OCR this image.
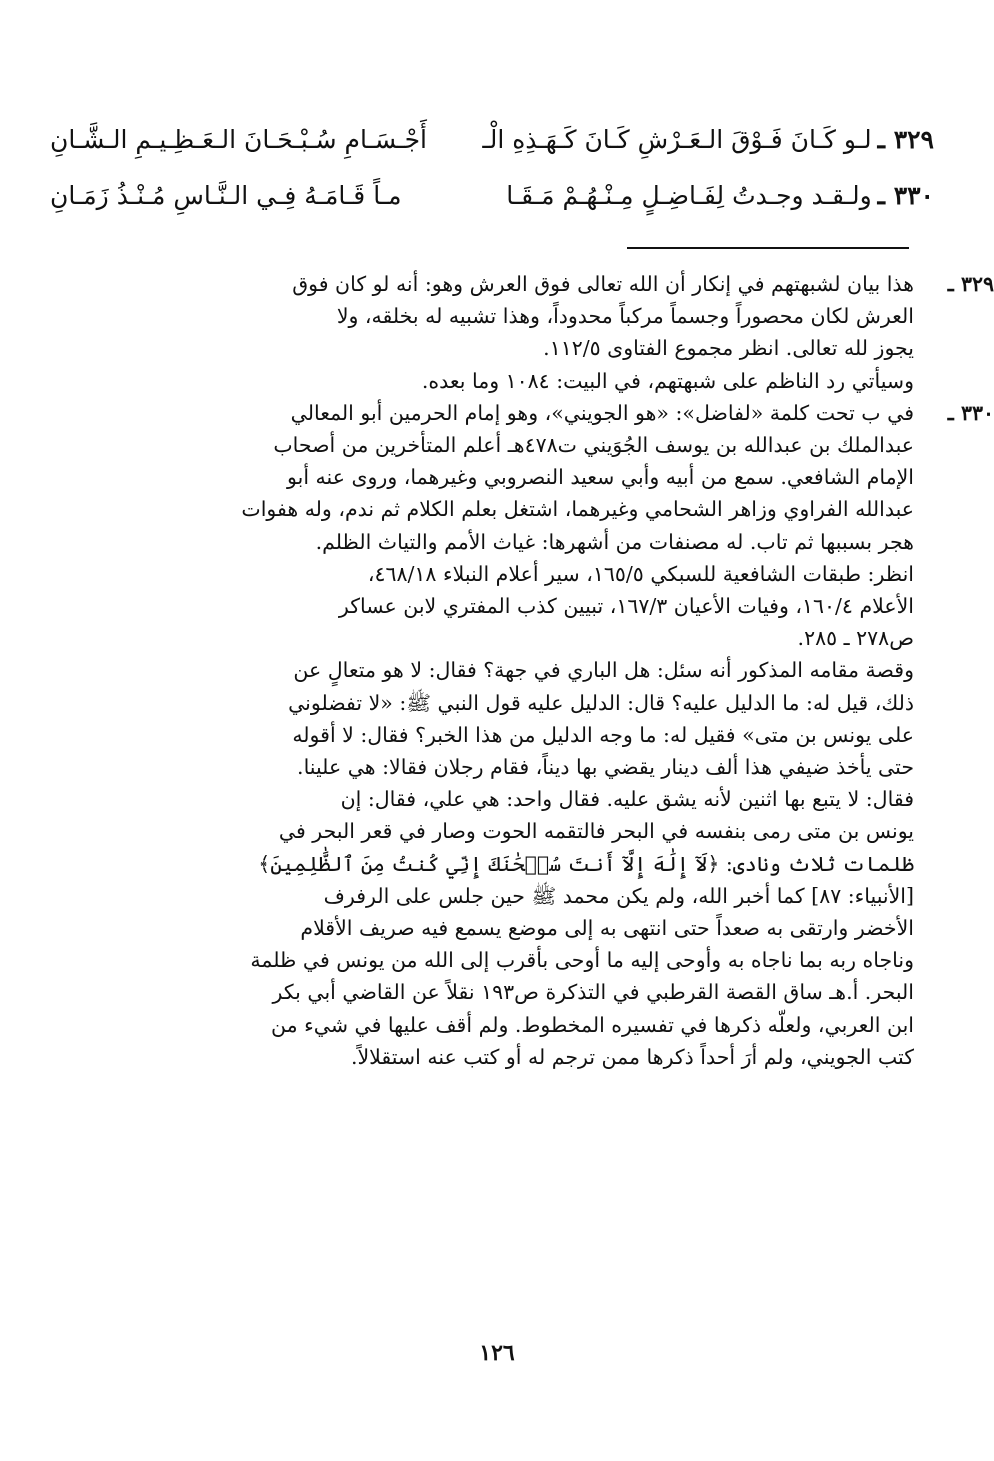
٣٢٩ ـ
لـو كَـانَ فَـوْقَ الـعَـرْشِ كَـانَ كَـهَـذِهِ الْـ
أَجْـسَـامِ سُـبْـحَـانَ الـعَـظِـيـمِ الـشَّـانِ
٣٣٠ ـ
ولـقـد وجـدتُ لِفَـاضِـلٍ مِـنْـهُـمْ مَـقَـا
مـاً قَـامَـهُ فِـي الـنَّـاسِ مُـنْـذُ زَمَـانِ
٣٢٩ ـ

هذا بيان لشبهتهم في إنكار أن الله تعالى فوق العرش وهو: أنه لو كان فوق

العرش لكان محصوراً وجسماً مركباً محدوداً، وهذا تشبيه له بخلقه، ولا

يجوز لله تعالى. انظر مجموع الفتاوى ١١٢/٥.

وسيأتي رد الناظم على شبهتهم، في البيت: ١٠٨٤ وما بعده.

٣٣٠ ـ

في ب تحت كلمة «لفاضل»: «هو الجويني»، وهو إمام الحرمين أبو المعالي

عبدالملك بن عبدالله بن يوسف الجُوَيني ت٤٧٨هـ أعلم المتأخرين من أصحاب

الإمام الشافعي. سمع من أبيه وأبي سعيد النصروبي وغيرهما، وروى عنه أبو

عبدالله الفراوي وزاهر الشحامي وغيرهما، اشتغل بعلم الكلام ثم ندم، وله هفوات

هجر بسببها ثم تاب. له مصنفات من أشهرها: غياث الأمم والتياث الظلم.

انظر: طبقات الشافعية للسبكي ١٦٥/٥، سير أعلام النبلاء ٤٦٨/١٨،

الأعلام ١٦٠/٤، وفيات الأعيان ١٦٧/٣، تبيين كذب المفتري لابن عساكر

ص٢٧٨ ـ ٢٨٥.

وقصة مقامه المذكور أنه سئل: هل الباري في جهة؟ فقال: لا هو متعالٍ عن

ذلك، قيل له: ما الدليل عليه؟ قال: الدليل عليه قول النبي ﷺ: «لا تفضلوني

على يونس بن متى» فقيل له: ما وجه الدليل من هذا الخبر؟ فقال: لا أقوله

حتى يأخذ ضيفي هذا ألف دينار يقضي بها ديناً، فقام رجلان فقالا: هي علينا.

فقال: لا يتبع بها اثنين لأنه يشق عليه. فقال واحد: هي علي، فقال: إن

يونس بن متى رمى بنفسه في البحر فالتقمه الحوت وصار في قعر البحر في

ظلمات ثلاث ونادى: ﴿لَآ إِلَٰهَ إِلَّآ أَنتَ سُبۡحَٰنَكَ إِنِّي كُنتُ مِنَ ٱلظَّٰلِمِينَ﴾

[الأنبياء: ٨٧] كما أخبر الله، ولم يكن محمد ﷺ حين جلس على الرفرف

الأخضر وارتقى به صعداً حتى انتهى به إلى موضع يسمع فيه صريف الأقلام

وناجاه ربه بما ناجاه به وأوحى إليه ما أوحى بأقرب إلى الله من يونس في ظلمة

البحر. أ.هـ ساق القصة القرطبي في التذكرة ص١٩٣ نقلاً عن القاضي أبي بكر

ابن العربي، ولعلّه ذكرها في تفسيره المخطوط. ولم أقف عليها في شيء من

كتب الجويني، ولم أرَ أحداً ذكرها ممن ترجم له أو كتب عنه استقلالاً.

١٢٦
